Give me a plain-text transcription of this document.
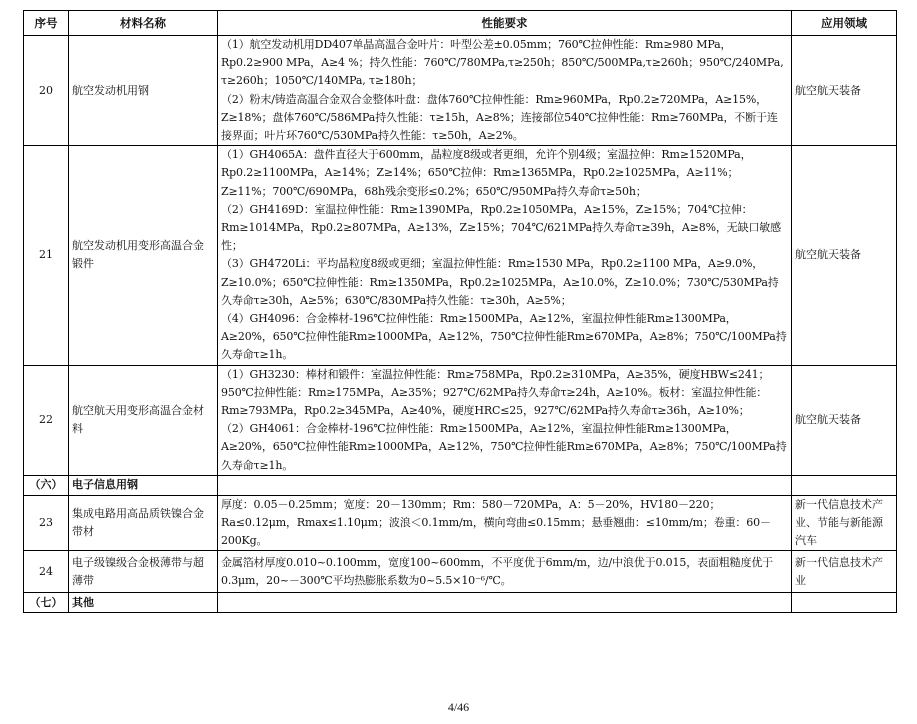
序号	材料名称	性能要求	应用领域
20	航空发动机用钢	（1）航空发动机用DD407单晶高温合金叶片：叶型公差±0.05mm；760℃拉伸性能：Rm≥980 MPa，Rp0.2≥900 MPa，A≥4 %；持久性能：760℃/780MPa,τ≥250h；850℃/500MPa,τ≥260h；950℃/240MPa, τ≥260h；1050℃/140MPa, τ≥180h；
（2）粉末/铸造高温合金双合金整体叶盘：盘体760℃拉伸性能：Rm≥960MPa，Rp0.2≥720MPa，A≥15%，Z≥18%；盘体760℃/586MPa持久性能：τ≥15h，A≥8%；连接部位540℃拉伸性能：Rm≥760MPa，不断于连接界面；叶片环760℃/530MPa持久性能：τ≥50h，A≥2%。	航空航天装备
21	航空发动机用变形高温合金锻件	（1）GH4065A：盘件直径大于600mm，晶粒度8级或者更细，允许个别4级；室温拉伸：Rm≥1520MPa，Rp0.2≥1100MPa，A≥14%；Z≥14%；650℃拉伸：Rm≥1365MPa，Rp0.2≥1025MPa，A≥11%；Z≥11%；700℃/690MPa，68h残余变形≤0.2%；650℃/950MPa持久寿命τ≥50h；
（2）GH4169D：室温拉伸性能：Rm≥1390MPa，Rp0.2≥1050MPa，A≥15%，Z≥15%；704℃拉伸：Rm≥1014MPa，Rp0.2≥807MPa，A≥13%，Z≥15%；704℃/621MPa持久寿命τ≥39h，A≥8%，无缺口敏感性；
（3）GH4720Li：平均晶粒度8级或更细；室温拉伸性能：Rm≥1530 MPa，Rp0.2≥1100 MPa，A≥9.0%，Z≥10.0%；650℃拉伸性能：Rm≥1350MPa，Rp0.2≥1025MPa，A≥10.0%，Z≥10.0%；730℃/530MPa持久寿命τ≥30h，A≥5%；630℃/830MPa持久性能：τ≥30h，A≥5%；
（4）GH4096：合金棒材-196℃拉伸性能：Rm≥1500MPa，A≥12%，室温拉伸性能Rm≥1300MPa，A≥20%，650℃拉伸性能Rm≥1000MPa，A≥12%，750℃拉伸性能Rm≥670MPa，A≥8%；750℃/100MPa持久寿命τ≥1h。	航空航天装备
22	航空航天用变形高温合金材料	（1）GH3230：棒材和锻件：室温拉伸性能：Rm≥758MPa，Rp0.2≥310MPa，A≥35%，硬度HBW≤241；950℃拉伸性能：Rm≥175MPa，A≥35%；927℃/62MPa持久寿命τ≥24h，A≥10%。板材：室温拉伸性能：Rm≥793MPa，Rp0.2≥345MPa，A≥40%，硬度HRC≤25，927℃/62MPa持久寿命τ≥36h，A≥10%；
（2）GH4061：合金棒材-196℃拉伸性能：Rm≥1500MPa，A≥12%，室温拉伸性能Rm≥1300MPa，A≥20%，650℃拉伸性能Rm≥1000MPa，A≥12%，750℃拉伸性能Rm≥670MPa，A≥8%；750℃/100MPa持久寿命τ≥1h。	航空航天装备
（六）	电子信息用钢		
23	集成电路用高品质铁镍合金带材	厚度：0.05－0.25mm；宽度：20－130mm；Rm：580－720MPa，A：5－20%，HV180－220；Ra≤0.12μm，Rmax≤1.10μm；波浪＜0.1mm/m，横向弯曲≤0.15mm；悬垂翘曲：≤10mm/m；卷重：60－200Kg。	新一代信息技术产业、节能与新能源汽车
24	电子级镍级合金极薄带与超薄带	金属箔材厚度0.010~0.100mm，宽度100~600mm，不平度优于6mm/m，边/中浪优于0.015，表面粗糙度优于0.3μm，20~－300℃平均热膨胀系数为0~5.5×10⁻⁶/℃。	新一代信息技术产业
（七）	其他		
4/46
